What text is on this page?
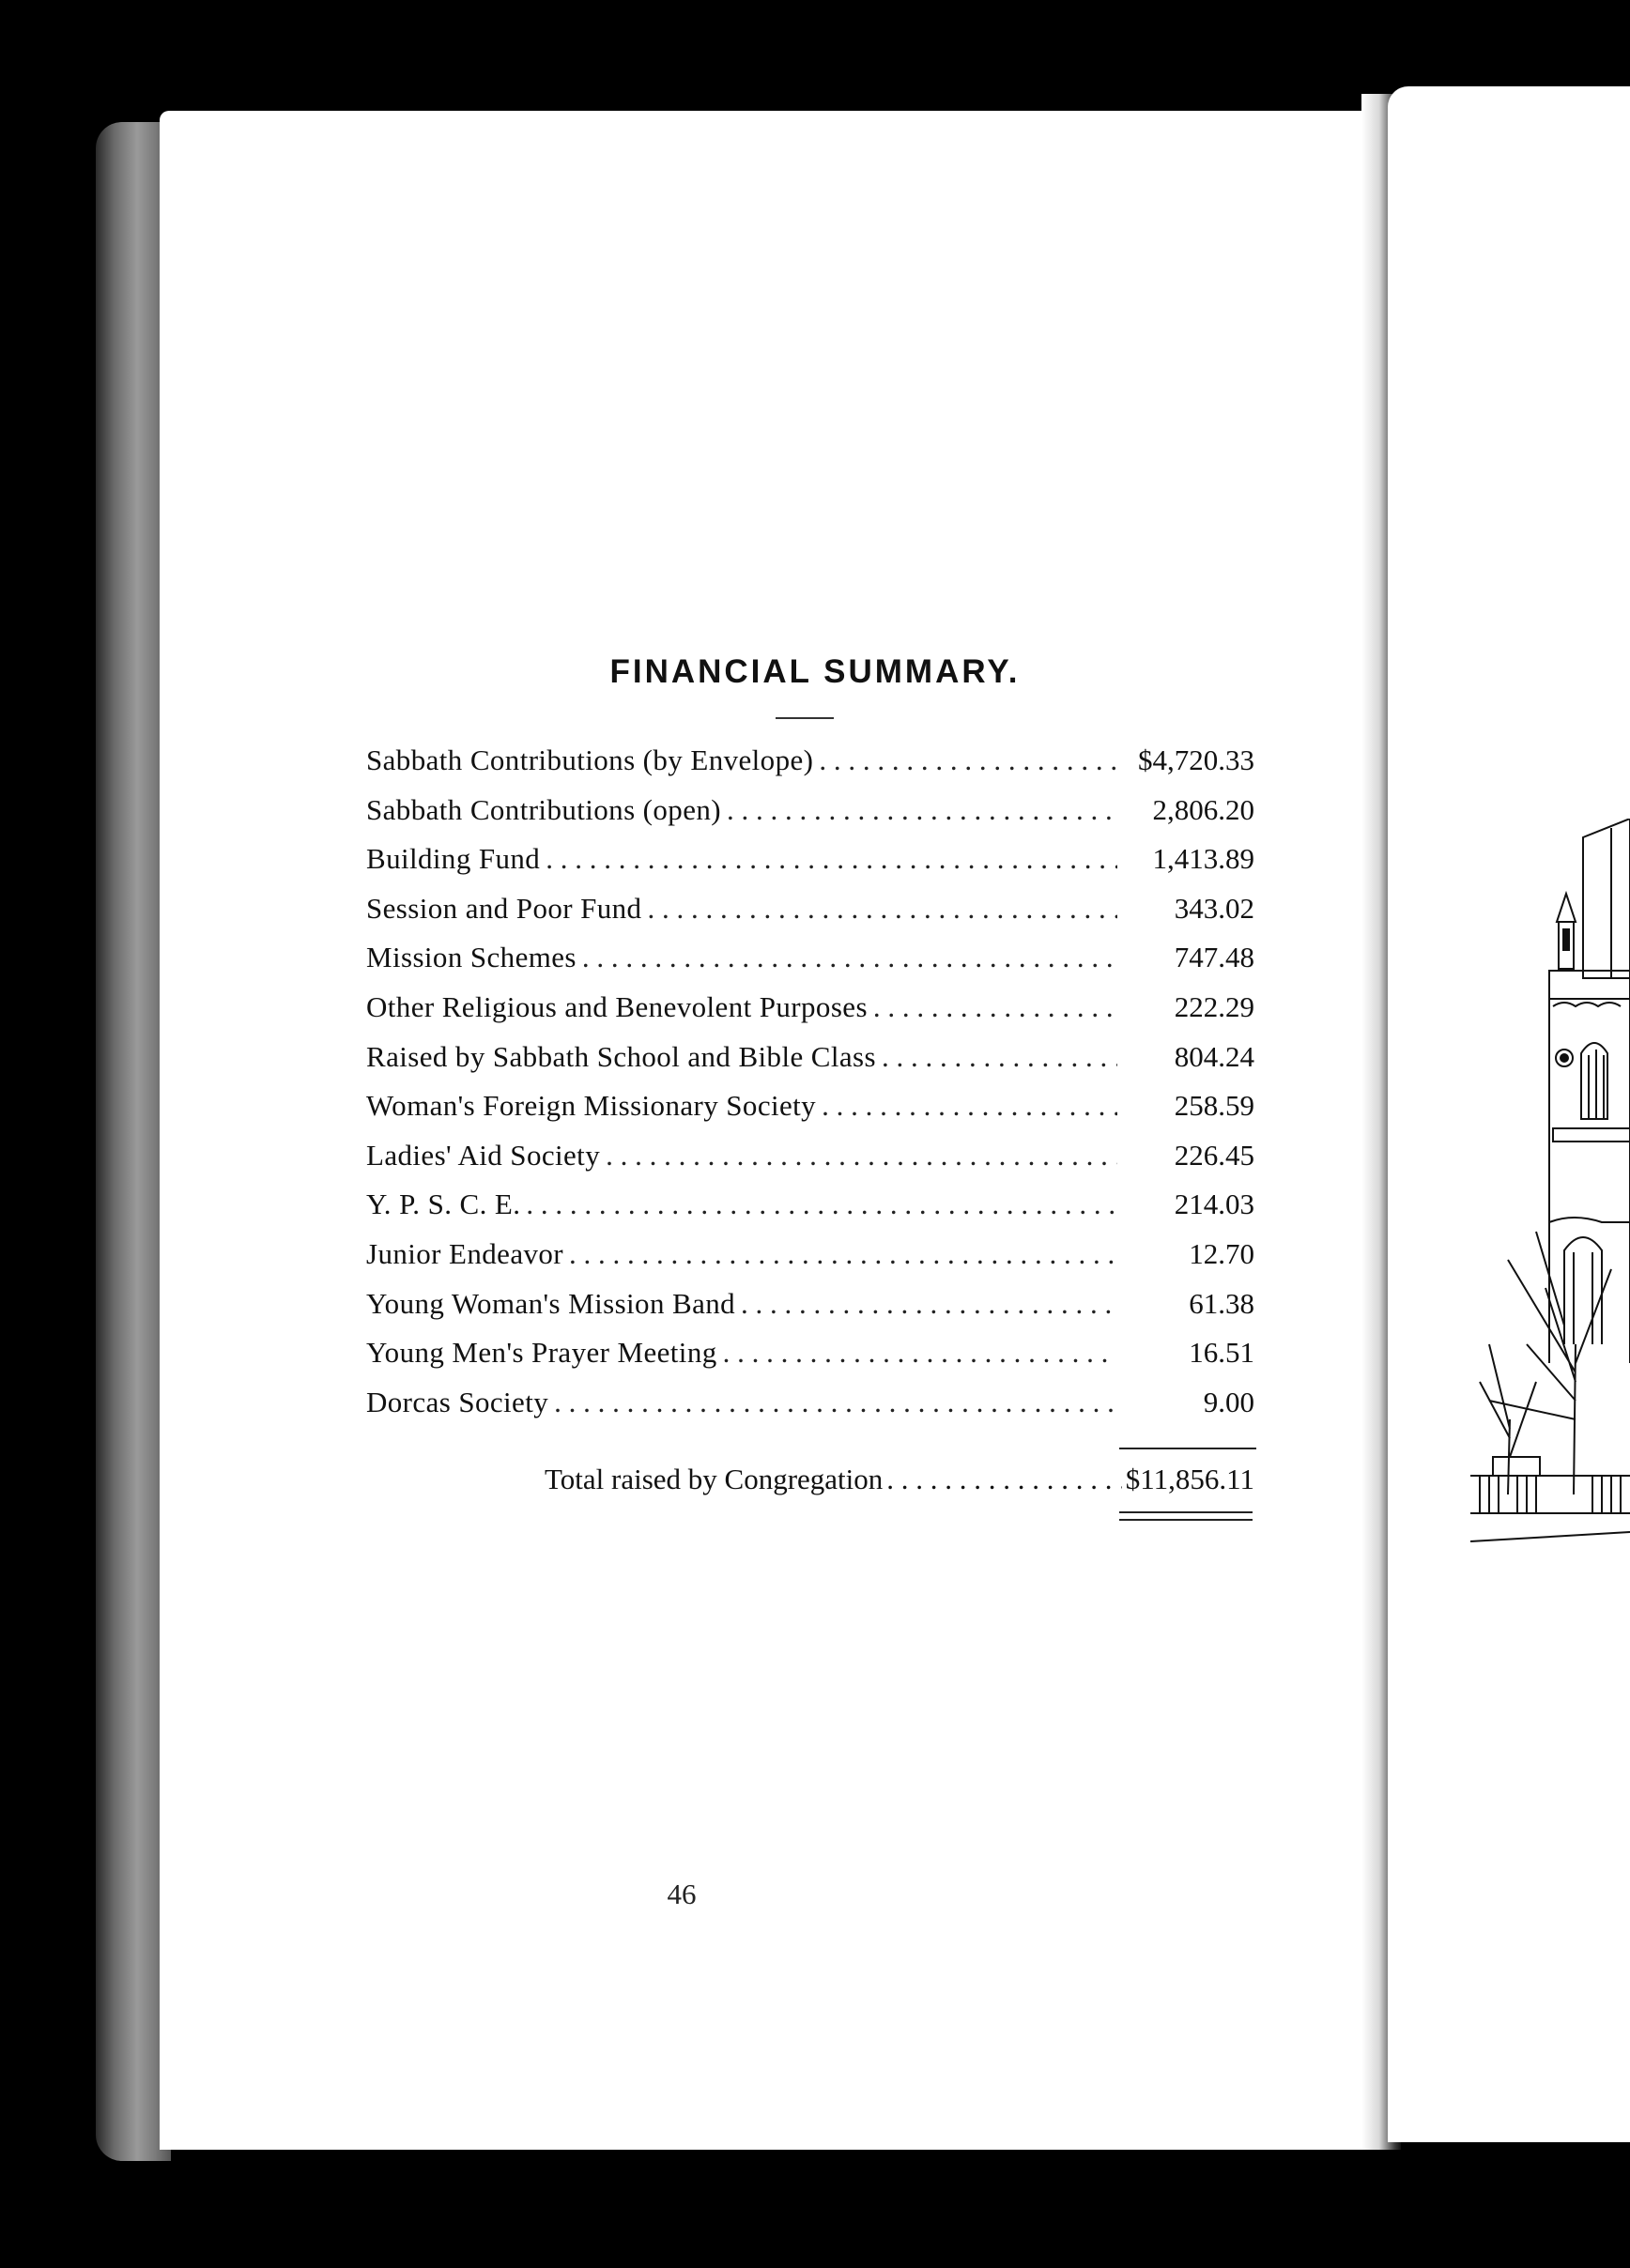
FINANCIAL SUMMARY.
Sabbath Contributions (by Envelope) . . .	$4,720.33
Sabbath Contributions (open) . . .	2,806.20
Building Fund . . .	1,413.89
Session and Poor Fund . . .	343.02
Mission Schemes . . .	747.48
Other Religious and Benevolent Purposes . . .	222.29
Raised by Sabbath School and Bible Class . . .	804.24
Woman's Foreign Missionary Society . . .	258.59
Ladies' Aid Society . . .	226.45
Y. P. S. C. E. . . .	214.03
Junior Endeavor . . .	12.70
Young Woman's Mission Band . . .	61.38
Young Men's Prayer Meeting . . .	16.51
Dorcas Society . . .	9.00
Total raised by Congregation . . .	$11,856.11
46
